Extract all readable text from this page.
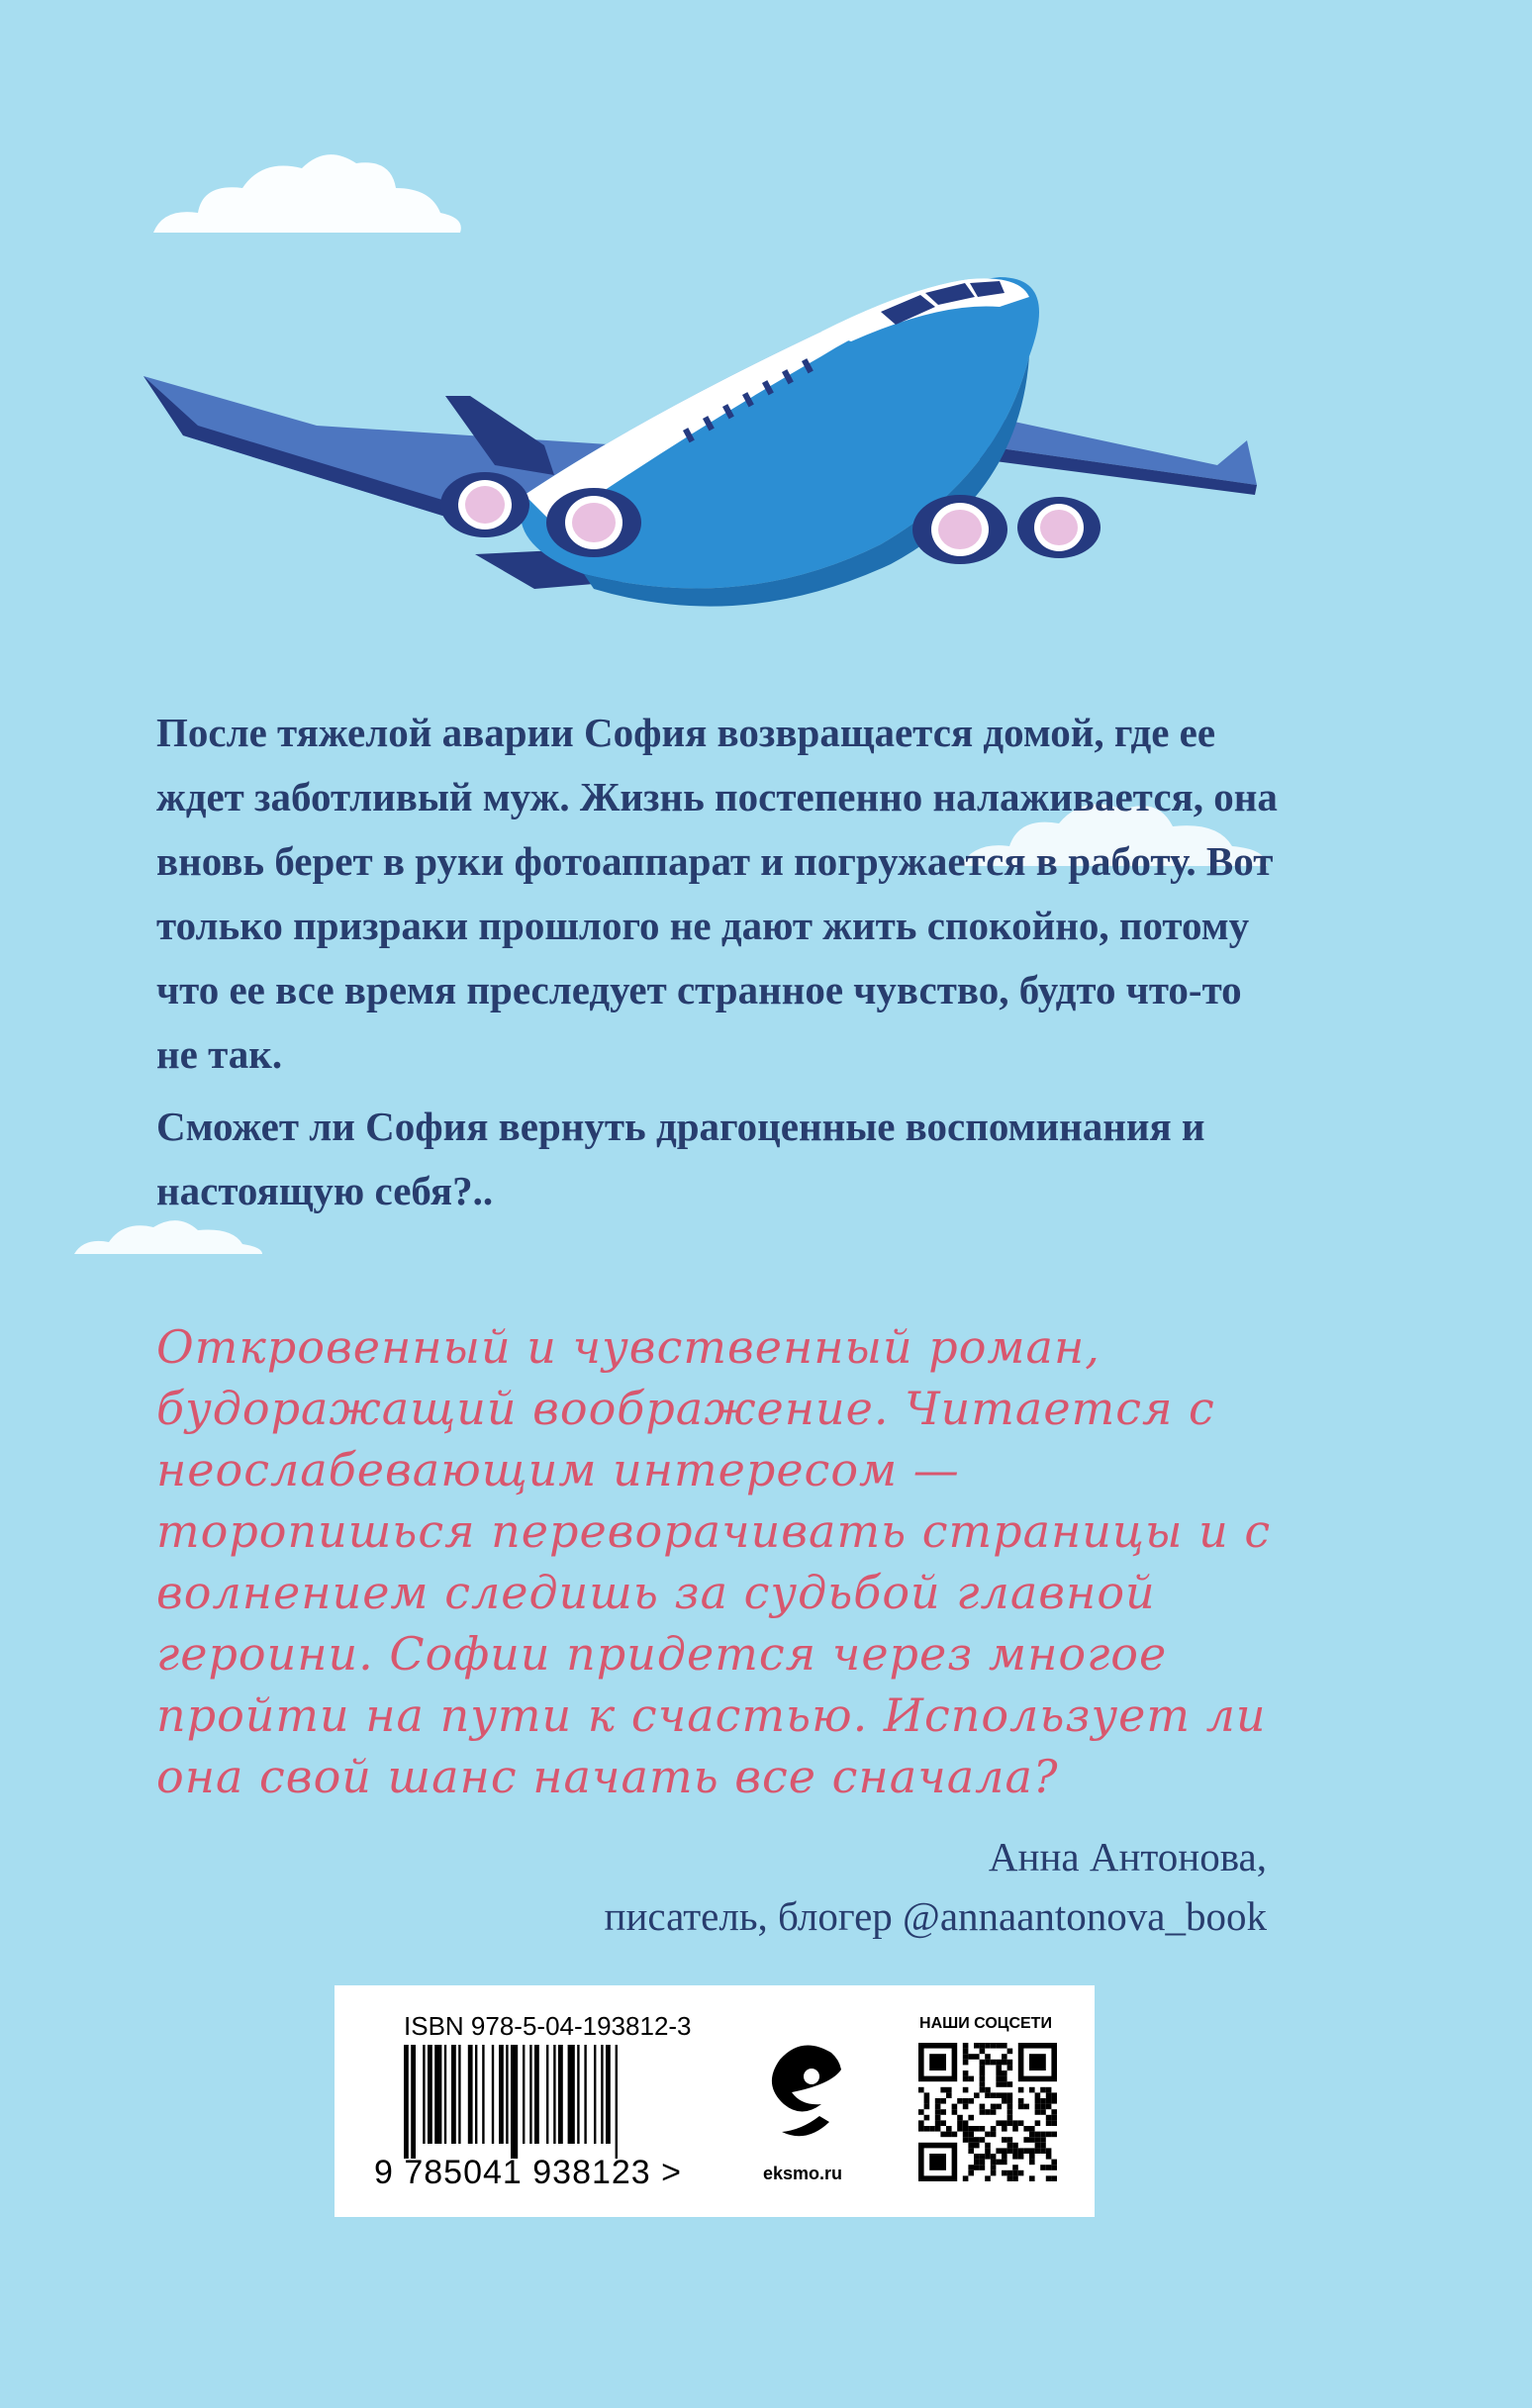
После тяжелой аварии София возвращается домой, где ее ждет заботливый муж. Жизнь постепенно налаживается, она вновь берет в руки фотоаппарат и погружается в работу. Вот только призраки прошлого не дают жить спокойно, потому что ее все время преследует странное чувство, будто что-то не так.

Сможет ли София вернуть драгоценные воспоминания и настоящую себя?..

Откровенный и чувственный роман, будоражащий воображение. Читается с неослабевающим интересом — торопишься переворачивать страницы и с волнением следишь за судьбой главной героини. Софии придется через многое пройти на пути к счастью. Использует ли она свой шанс начать все сначала?

Анна Антонова,
писатель, блогер @annaantonova_book
ISBN 978-5-04-193812-3
9 785041 938123 >	eksmo.ru
НАШИ СОЦСЕТИ
